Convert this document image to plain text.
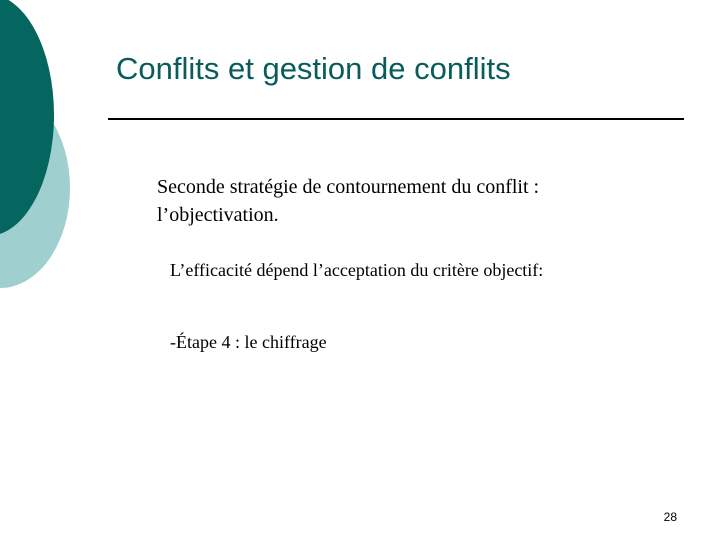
Conflits et gestion de conflits

Seconde stratégie de contournement du conflit :
l’objectivation.

L’efficacité dépend l’acceptation du critère objectif:

-Étape 4 : le chiffrage

28
